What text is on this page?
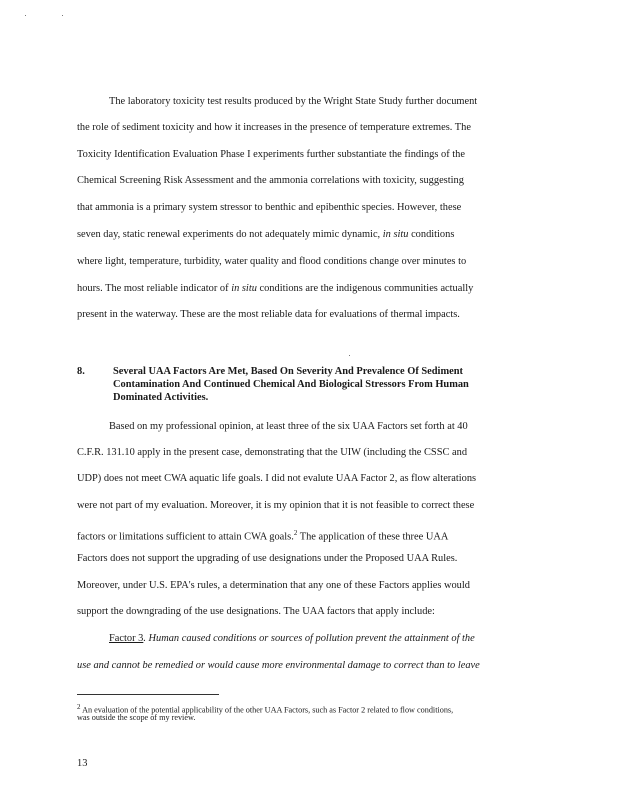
The laboratory toxicity test results produced by the Wright State Study further document
the role of sediment toxicity and how it increases in the presence of temperature extremes. The
Toxicity Identification Evaluation Phase I experiments further substantiate the findings of the
Chemical Screening Risk Assessment and the ammonia correlations with toxicity, suggesting
that ammonia is a primary system stressor to benthic and epibenthic species. However, these
seven day, static renewal experiments do not adequately mimic dynamic, in situ conditions
where light, temperature, turbidity, water quality and flood conditions change over minutes to
hours. The most reliable indicator of in situ conditions are the indigenous communities actually
present in the waterway. These are the most reliable data for evaluations of thermal impacts.
8.	Several UAA Factors Are Met, Based On Severity And Prevalence Of Sediment
Contamination And Continued Chemical And Biological Stressors From Human
Dominated Activities.
Based on my professional opinion, at least three of the six UAA Factors set forth at 40
C.F.R. 131.10 apply in the present case, demonstrating that the UIW (including the CSSC and
UDP) does not meet CWA aquatic life goals. I did not evalute UAA Factor 2, as flow alterations
were not part of my evaluation. Moreover, it is my opinion that it is not feasible to correct these
factors or limitations sufficient to attain CWA goals.$^2$ The application of these three UAA
Factors does not support the upgrading of use designations under the Proposed UAA Rules.
Moreover, under U.S. EPA's rules, a determination that any one of these Factors applies would
support the downgrading of the use designations. The UAA factors that apply include:
Factor 3. Human caused conditions or sources of pollution prevent the attainment of the
use and cannot be remedied or would cause more environmental damage to correct than to leave
$^2$ An evaluation of the potential applicability of the other UAA Factors, such as Factor 2 related to flow conditions,
was outside the scope of my review.
13
